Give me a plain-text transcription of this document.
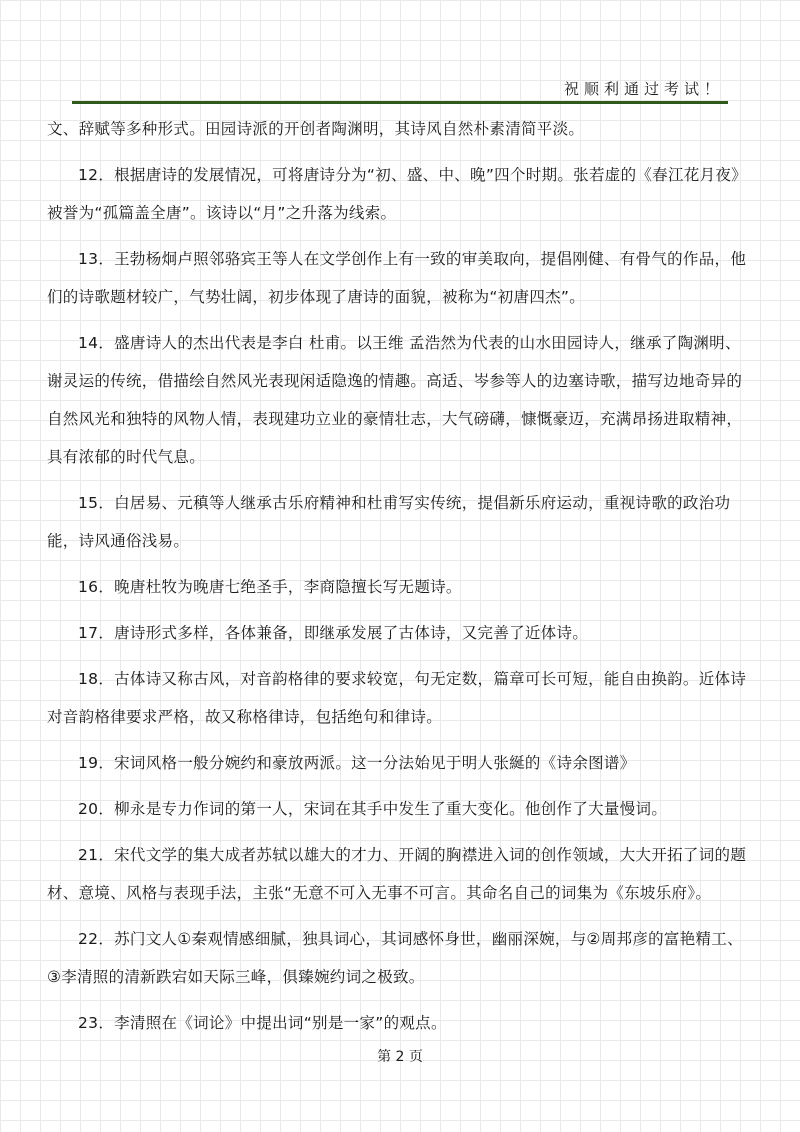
祝顺利通过考试！

文、辞赋等多种形式。田园诗派的开创者陶渊明，其诗风自然朴素清简平淡。

12．根据唐诗的发展情况，可将唐诗分为“初、盛、中、晚”四个时期。张若虚的《春江花月夜》被誉为“孤篇盖全唐”。该诗以“月”之升落为线索。

13．王勃杨炯卢照邻骆宾王等人在文学创作上有一致的审美取向，提倡刚健、有骨气的作品，他们的诗歌题材较广，气势壮阔，初步体现了唐诗的面貌，被称为“初唐四杰”。

14．盛唐诗人的杰出代表是李白 杜甫。以王维 孟浩然为代表的山水田园诗人，继承了陶渊明、谢灵运的传统，借描绘自然风光表现闲适隐逸的情趣。高适、岑参等人的边塞诗歌，描写边地奇异的自然风光和独特的风物人情，表现建功立业的豪情壮志，大气磅礴，慷慨豪迈，充满昂扬进取精神，具有浓郁的时代气息。

15．白居易、元稹等人继承古乐府精神和杜甫写实传统，提倡新乐府运动，重视诗歌的政治功能，诗风通俗浅易。

16．晚唐杜牧为晚唐七绝圣手，李商隐擅长写无题诗。

17．唐诗形式多样，各体兼备，即继承发展了古体诗，又完善了近体诗。

18．古体诗又称古风，对音韵格律的要求较宽，句无定数，篇章可长可短，能自由换韵。近体诗对音韵格律要求严格，故又称格律诗，包括绝句和律诗。

19．宋词风格一般分婉约和豪放两派。这一分法始见于明人张綖的《诗余图谱》

20．柳永是专力作词的第一人，宋词在其手中发生了重大变化。他创作了大量慢词。

21．宋代文学的集大成者苏轼以雄大的才力、开阔的胸襟进入词的创作领域，大大开拓了词的题材、意境、风格与表现手法，主张“无意不可入无事不可言。其命名自己的词集为《东坡乐府》。

22．苏门文人①秦观情感细腻，独具词心，其词感怀身世，幽丽深婉，与②周邦彦的富艳精工、③李清照的清新跌宕如天际三峰，俱臻婉约词之极致。

23．李清照在《词论》中提出词“别是一家”的观点。

第 2 页
